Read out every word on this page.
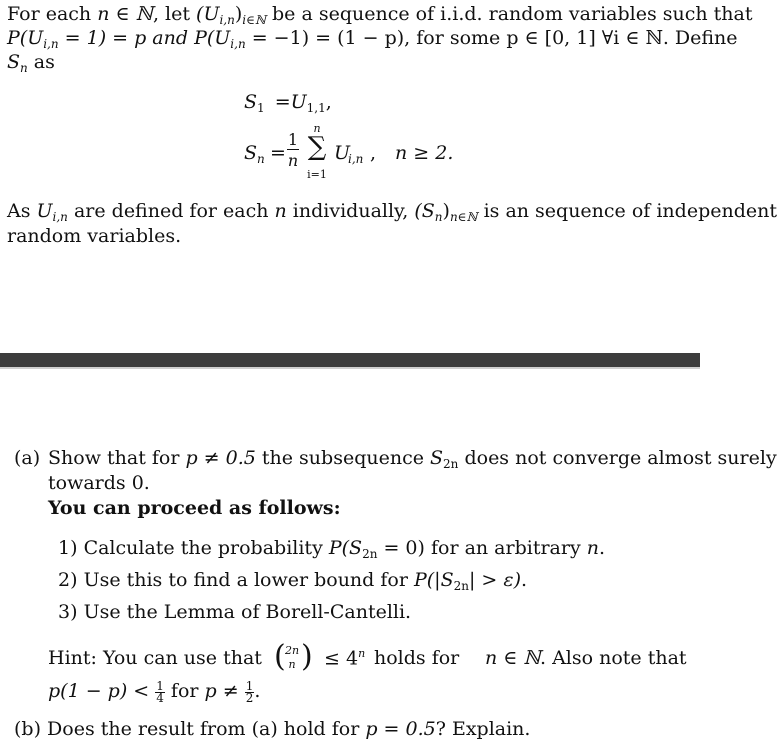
For each n ∈ ℕ, let $(U_{i,n})_{i\in ℕ}$ be a sequence of i.i.d. random variables such that
$P(U_{i,n} = 1) = p$ and $P(U_{i,n} = -1) = (1 - p)$, for some p ∈ [0, 1] ∀i ∈ ℕ. Define
$S_n$ as
$S_1 =U_{1,1}$,
S n =
1
n
n
∑
i=1
U
i,n , n ≥ 2.
As $U_{i,n}$ are defined for each n individually, $(S_n)_{n\in ℕ}$ is an sequence of independent
random variables.
(a) Show that for p ≠ 0.5 the subsequence $S_{2n}$ does not converge almost surely
towards 0.
You can proceed as follows:
1) Calculate the probability $P(S_{2n} = 0)$ for an arbitrary n.
2) Use this to find a lower bound for $P(|S_{2n}| > \varepsilon)$.
3) Use the Lemma of Borell-Cantelli.
Hint: You can use that ( 2n
n ) ≤ $4^n$ holds for n ∈ ℕ . Also note that
$p(1 - p) < \frac{1}{4}$ for $p \ne \frac{1}{2}$ .
(b) Does the result from (a) hold for p = 0.5? Explain.
